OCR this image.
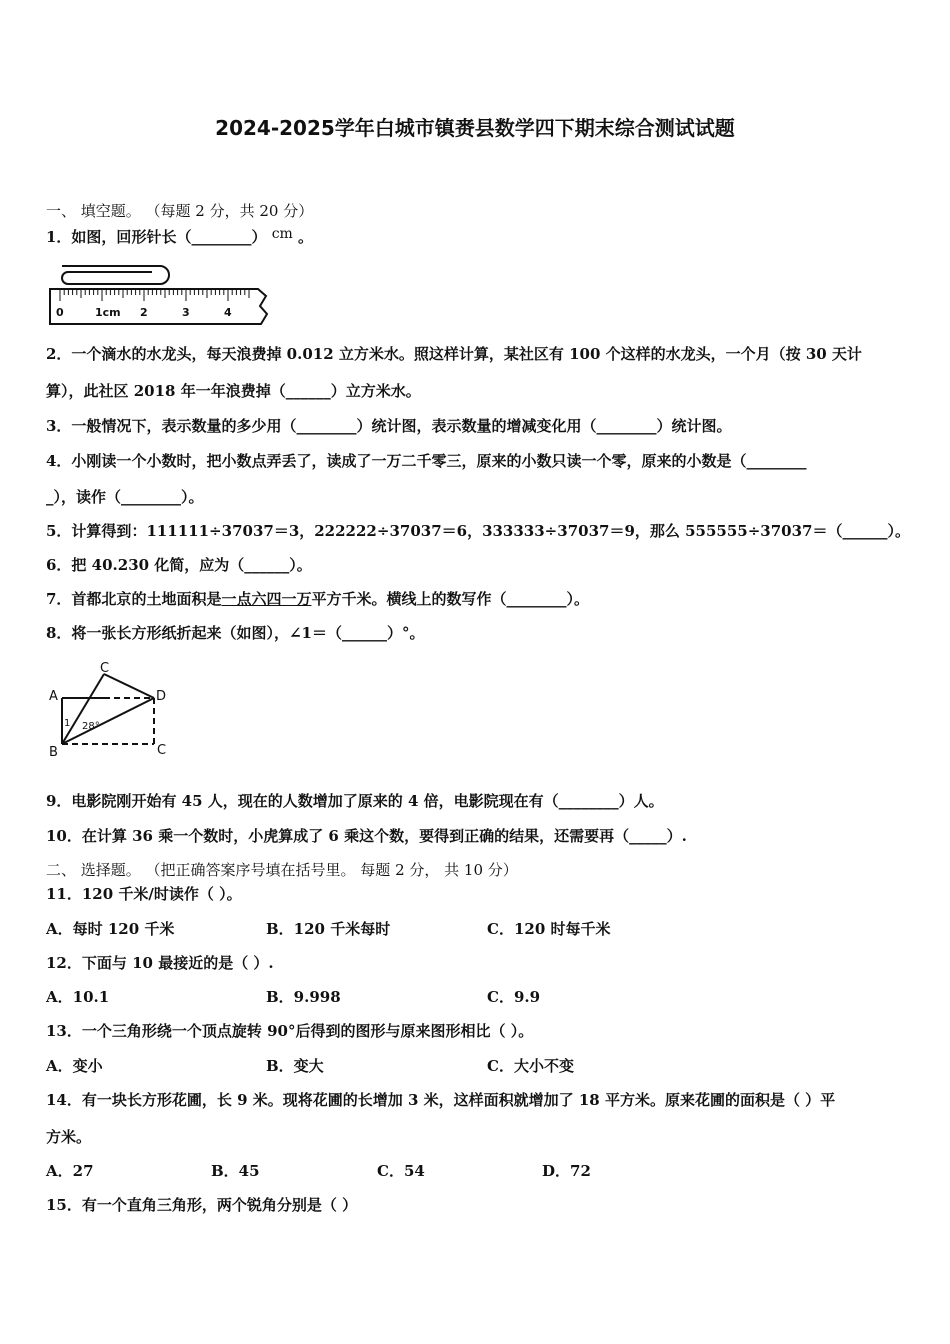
2024-2025学年白城市镇赉县数学四下期末综合测试试题
一、 填空题。 （每题 2 分，共 20 分）
1．如图，回形针长（________） cm 。
0	1cm 2	3	4
2．一个滴水的水龙头，每天浪费掉 0.012 立方米水。照这样计算，某社区有 100 个这样的水龙头，一个月（按 30 天计
算），此社区 2018 年一年浪费掉（______）立方米水。
3．一般情况下，表示数量的多少用（________）统计图，表示数量的增减变化用（________）统计图。
4．小刚读一个小数时，把小数点弄丢了，读成了一万二千零三，原来的小数只读一个零，原来的小数是（________
_），读作（________）。
5．计算得到：111111÷37037＝3，222222÷37037＝6，333333÷37037＝9，那么 555555÷37037＝（______）。
6．把 40.230 化简，应为（______）。
7．首都北京的土地面积是一点六四一万平方千米。横线上的数写作（________）。
8．将一张长方形纸折起来（如图），∠1＝（______）°。
A
B
C
D
C
1 28°
9．电影院刚开始有 45 人，现在的人数增加了原来的 4 倍，电影院现在有（________）人。
10．在计算 36 乘一个数时，小虎算成了 6 乘这个数，要得到正确的结果，还需要再（_____）.
二、 选择题。 （把正确答案序号填在括号里。 每题 2 分， 共 10 分）
11．120 千米/时读作（ ）。
A．每时 120 千米	B．120 千米每时	C．120 时每千米
12．下面与 10 最接近的是（ ）.
A．10.1	B．9.998	C．9.9
13．一个三角形绕一个顶点旋转 90°后得到的图形与原来图形相比（ ）。
A．变小	B．变大	C．大小不变
14．有一块长方形花圃，长 9 米。现将花圃的长增加 3 米，这样面积就增加了 18 平方米。原来花圃的面积是（ ）平
方米。
A．27	B．45	C．54	D．72
15．有一个直角三角形，两个锐角分别是（ ）
